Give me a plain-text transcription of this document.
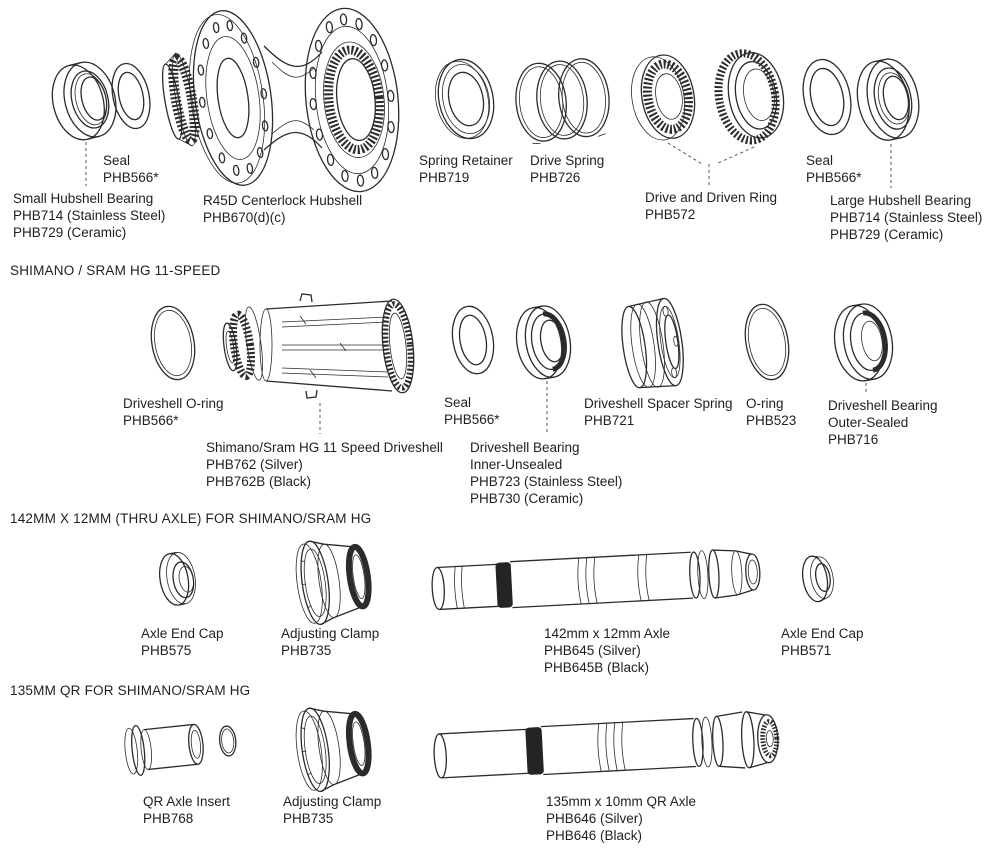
SHIMANO / SRAM HG 11-SPEED
142MM X 12MM (THRU AXLE) FOR SHIMANO/SRAM HG
135MM QR FOR SHIMANO/SRAM HG
Small Hubshell Bearing
PHB714 (Stainless Steel)
PHB729 (Ceramic)
Seal
PHB566*
R45D Centerlock Hubshell
PHB670(d)(c)
Spring Retainer
PHB719
Drive Spring
PHB726
Drive and Driven Ring
PHB572
Seal
PHB566*
Large Hubshell Bearing
PHB714 (Stainless Steel)
PHB729 (Ceramic)
Driveshell O-ring
PHB566*
Shimano/Sram HG 11 Speed Driveshell
PHB762 (Silver)
PHB762B (Black)
Seal
PHB566*
Driveshell Bearing
Inner-Unsealed
PHB723 (Stainless Steel)
PHB730 (Ceramic)
Driveshell Spacer Spring
PHB721
O-ring
PHB523
Driveshell Bearing
Outer-Sealed
PHB716
Axle End Cap
PHB575
Adjusting Clamp
PHB735
142mm x 12mm Axle
PHB645 (Silver)
PHB645B (Black)
Axle End Cap
PHB571
QR Axle Insert
PHB768
Adjusting Clamp
PHB735
135mm x 10mm QR Axle
PHB646 (Silver)
PHB646 (Black)
